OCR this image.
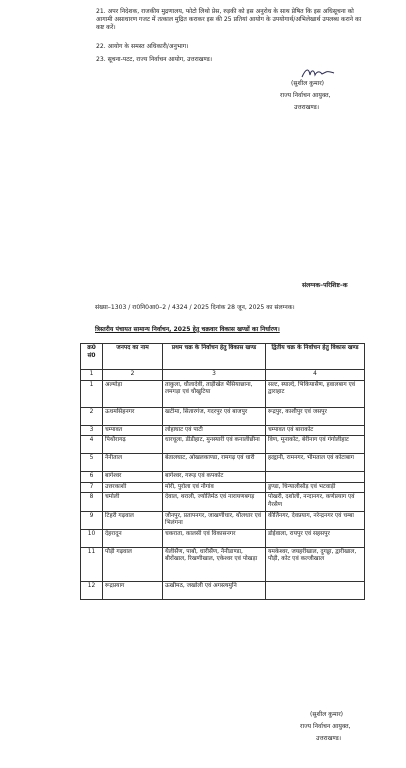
21. अपर निदेशक, राजकीय मुद्रणालय, फोटो लिथो प्रेस, रुड़की को इस अनुरोध के साथ प्रेषित कि इस अधिसूचना को आगामी असाधारण गजट में तत्काल मुद्रित कराकर इस की 25 प्रतियां आयोग के उपयोगार्थ/अभिलेखार्थ उपलब्ध कराने का कष्ट करें।
22. आयोग के समस्त अधिकारी/अनुभाग।
23. सूचना-पटट, राज्य निर्वाचन आयोग, उत्तराखण्ड।
(सुशील कुमार)
राज्य निर्वाचन आयुक्त,
उत्तराखण्ड।
संलग्नक–परिशिष्ट–क
संख्या–1303 / रा0नि0आ0–2 / 4324 / 2025 दिनांक 28 जून, 2025 का संलग्नक।
त्रिस्तरीय पंचायत सामान्य निर्वाचन, 2025 हेतु चक्रवार विकास खण्डों का निर्धारण।
क्र0 सं0	जनपद का नाम	प्रथम चक्र के निर्वाचन हेतु विकास खण्ड	द्वितीय चक्र के निर्वाचन हेतु विकास खण्ड
1	2	3	4
1	अल्मोड़ा	ताकुला, धौलादेवी, ताड़ीखेत भैसियाछाना, लमगड़ा एवं चौखुटिया	सल्ट, स्याल्दे, भिकियासैण, हवालबाग एवं द्वाराहाट
2	ऊधमसिंहनगर	खटीमा, सितारगंज, गदरपुर एवं बाजपुर	रूद्रपुर, काशीपुर एवं जसपुर
3	चम्पावत	लोहाघाट एवं पाटी	चम्पावत एवं बाराकोट
4	पिथौरागढ़	धारचूला, डीडीहाट, मुनस्यारी एवं कनालीछीना	विण, मूनाकोट, बेरीनाग एवं गंगोलीहाट
5	नैनीताल	बेतालघाट, ओखलकाण्डा, रामगढ़ एवं धारी	हल्द्वानी, रामनगर, भीमताल एवं कोटाबाग
6	बागेश्वर	बागेश्वर, गरूड़ एवं कपकोट	
7	उत्तरकाशी	मोरी, पुरोला एवं नौगांव	डुण्डा, चिन्यालीसौड़ एवं भटवाड़ी
8	चमोली	देवाल, थराली, ज्योतिर्मठ एवं नारायणबगड़	पोखरी, दशोली, नन्दानगर, कर्णप्रयाग एवं गैरसैण
9	टिहरी गढ़वाल	जौनपुर, प्रतापनगर, जाखणीधार, थौलधार एवं भिलंगना	कीर्तिनगर, देवप्रयाग, नरेन्द्रनगर एवं चम्बा
10	देहरादून	चकराता, कालसी एवं विकासनगर	डोईवाला, रायपुर एवं सहसपुर
11	पौड़ी गढ़वाल	थैलीसैंण, पाबौ, धारीसैंण, नैनीडाण्डा, बीरोंखाल, रिखणीखाल, एकेश्वर एवं पोखड़ा	यमकेश्वर, जयहरीखाल, दुगड्डा, द्वारीखाल, पौड़ी, कोट एवं कल्जीखाल
12	रूद्रप्रयाग	ऊखीमठ, जखोली एवं अगस्त्यमुनि	
(सुशील कुमार)
राज्य निर्वाचन आयुक्त,
उत्तराखण्ड।
